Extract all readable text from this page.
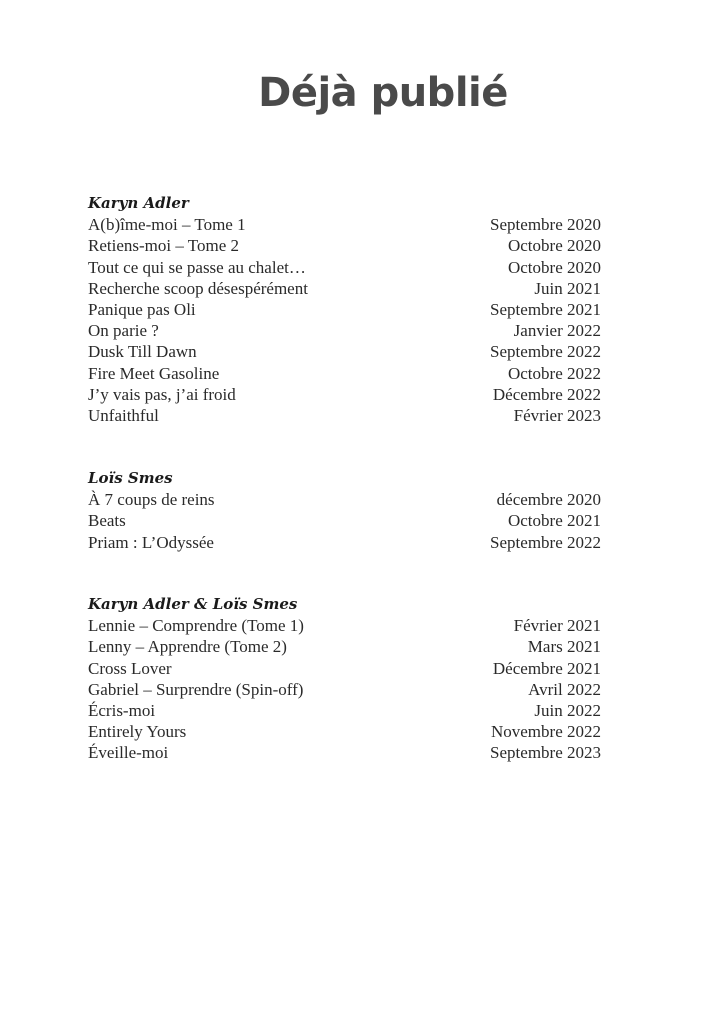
Déjà publié
Karyn Adler
A(b)îme-moi – Tome 1	Septembre 2020
Retiens-moi – Tome 2	Octobre 2020
Tout ce qui se passe au chalet…	Octobre 2020
Recherche scoop désespérément	Juin 2021
Panique pas Oli	Septembre 2021
On parie ?	Janvier 2022
Dusk Till Dawn	Septembre 2022
Fire Meet Gasoline	Octobre 2022
J’y vais pas, j’ai froid	Décembre 2022
Unfaithful	Février 2023
Loïs Smes
À 7 coups de reins	décembre 2020
Beats	Octobre 2021
Priam : L’Odyssée	Septembre 2022
Karyn Adler & Loïs Smes
Lennie – Comprendre (Tome 1)	Février 2021
Lenny – Apprendre (Tome 2)	Mars 2021
Cross Lover	Décembre 2021
Gabriel – Surprendre (Spin-off)	Avril 2022
Écris-moi	Juin 2022
Entirely Yours	Novembre 2022
Éveille-moi	Septembre 2023
